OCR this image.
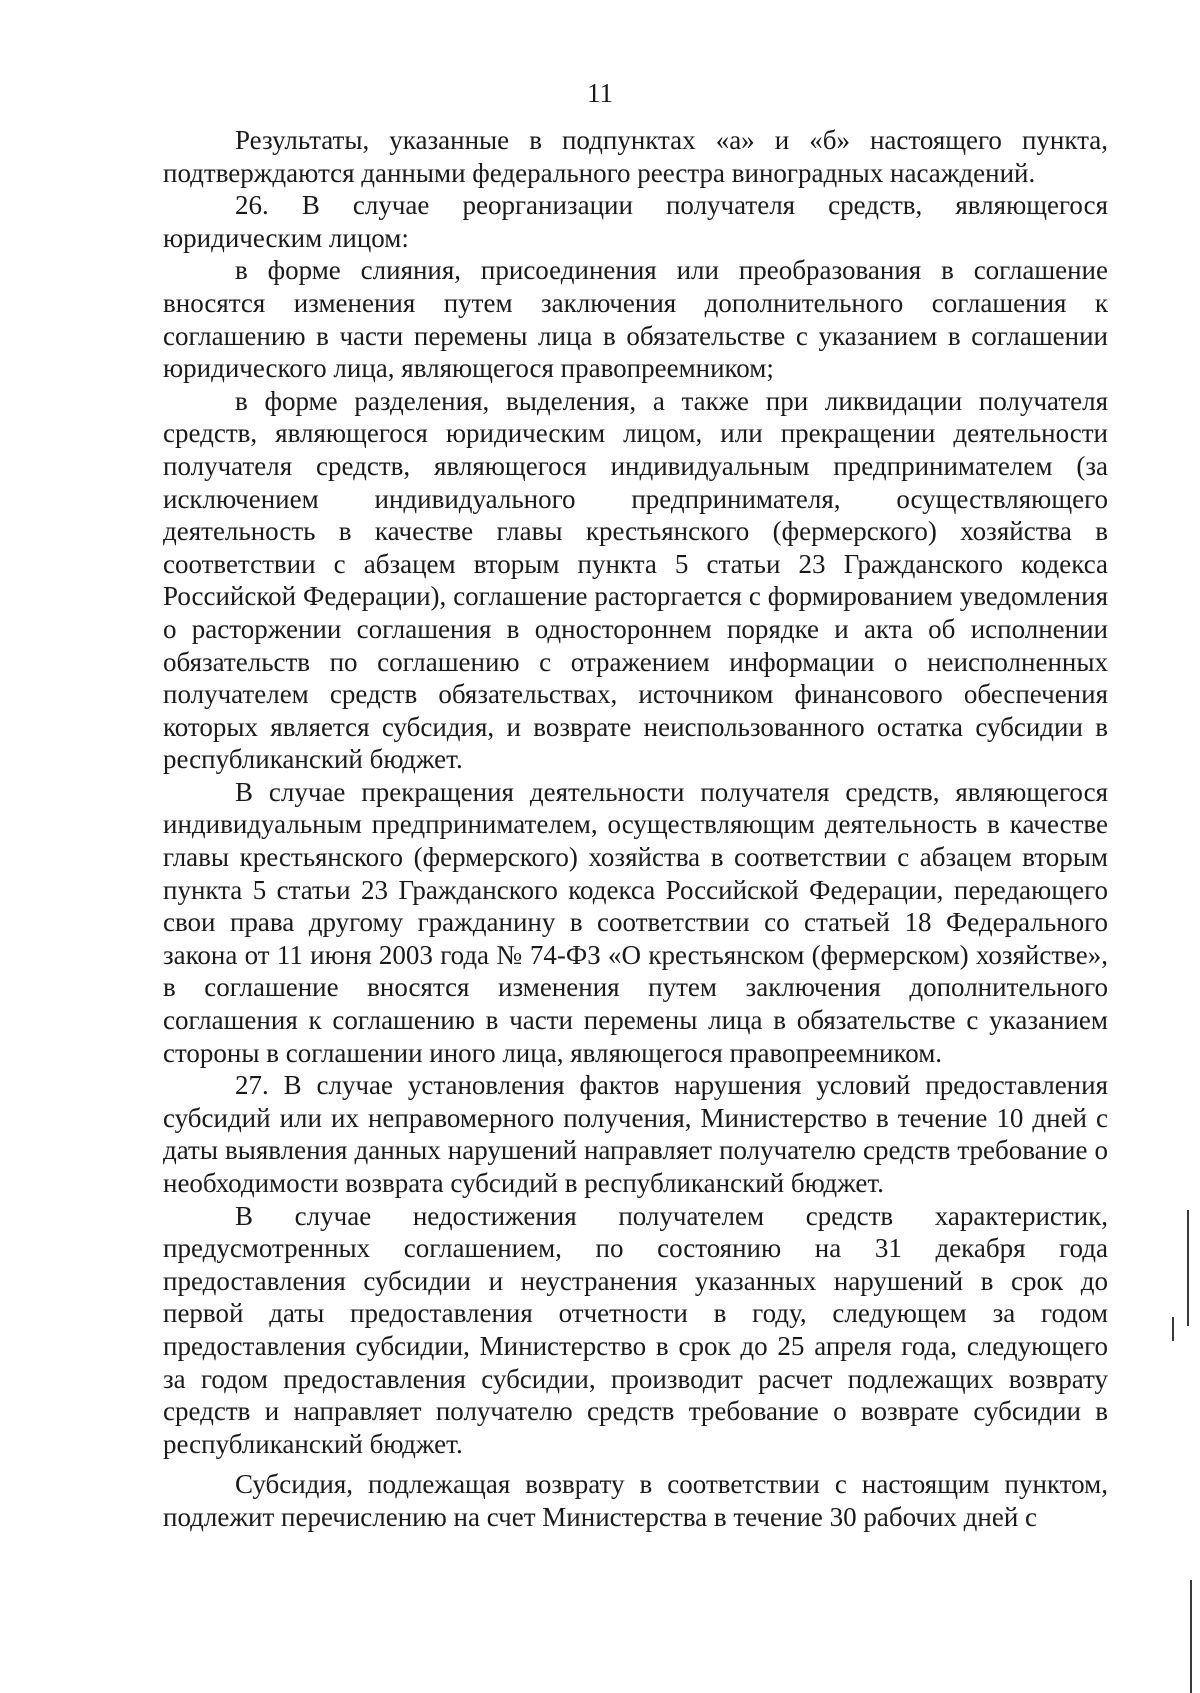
11

Результаты, указанные в подпунктах «а» и «б» настоящего пункта, подтверждаются данными федерального реестра виноградных насаждений.

26. В случае реорганизации получателя средств, являющегося юридическим лицом:

в форме слияния, присоединения или преобразования в соглашение вносятся изменения путем заключения дополнительного соглашения к соглашению в части перемены лица в обязательстве с указанием в соглашении юридического лица, являющегося правопреемником;

в форме разделения, выделения, а также при ликвидации получателя средств, являющегося юридическим лицом, или прекращении деятельности получателя средств, являющегося индивидуальным предпринимателем (за исключением индивидуального предпринимателя, осуществляющего деятельность в качестве главы крестьянского (фермерского) хозяйства в соответствии с абзацем вторым пункта 5 статьи 23 Гражданского кодекса Российской Федерации), соглашение расторгается с формированием уведомления о расторжении соглашения в одностороннем порядке и акта об исполнении обязательств по соглашению с отражением информации о неисполненных получателем средств обязательствах, источником финансового обеспечения которых является субсидия, и возврате неиспользованного остатка субсидии в республиканский бюджет.

В случае прекращения деятельности получателя средств, являющегося индивидуальным предпринимателем, осуществляющим деятельность в качестве главы крестьянского (фермерского) хозяйства в соответствии с абзацем вторым пункта 5 статьи 23 Гражданского кодекса Российской Федерации, передающего свои права другому гражданину в соответствии со статьей 18 Федерального закона от 11 июня 2003 года № 74-ФЗ «О крестьянском (фермерском) хозяйстве», в соглашение вносятся изменения путем заключения дополнительного соглашения к соглашению в части перемены лица в обязательстве с указанием стороны в соглашении иного лица, являющегося правопреемником.

27. В случае установления фактов нарушения условий предоставления субсидий или их неправомерного получения, Министерство в течение 10 дней с даты выявления данных нарушений направляет получателю средств требование о необходимости возврата субсидий в республиканский бюджет.

В случае недостижения получателем средств характеристик, предусмотренных соглашением, по состоянию на 31 декабря года предоставления субсидии и неустранения указанных нарушений в срок до первой даты предоставления отчетности в году, следующем за годом предоставления субсидии, Министерство в срок до 25 апреля года, следующего за годом предоставления субсидии, производит расчет подлежащих возврату средств и направляет получателю средств требование о возврате субсидии в республиканский бюджет.

Субсидия, подлежащая возврату в соответствии с настоящим пунктом, подлежит перечислению на счет Министерства в течение 30 рабочих дней с
